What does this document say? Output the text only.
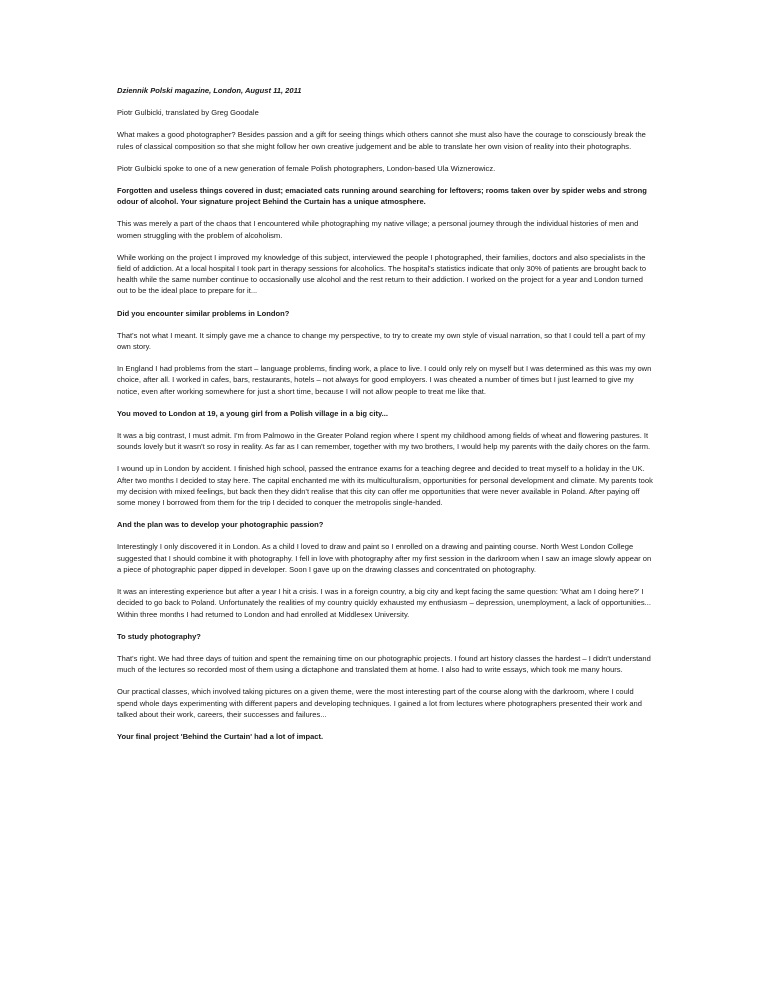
Dziennik Polski magazine, London, August 11, 2011

Piotr Gulbicki, translated by Greg Goodale

What makes a good photographer? Besides passion and a gift for seeing things which others cannot she must also have the courage to consciously break the rules of classical composition so that she might follow her own creative judgement and be able to translate her own vision of reality into their photographs.

Piotr Gulbicki spoke to one of a new generation of female Polish photographers, London-based Ula Wiznerowicz.

Forgotten and useless things covered in dust; emaciated cats running around searching for leftovers; rooms taken over by spider webs and strong odour of alcohol. Your signature project Behind the Curtain has a unique atmosphere.

This was merely a part of the chaos that I encountered while photographing my native village; a personal journey through the individual histories of men and women struggling with the problem of alcoholism.

While working on the project I improved my knowledge of this subject, interviewed the people I photographed, their families, doctors and also specialists in the field of addiction. At a local hospital I took part in therapy sessions for alcoholics. The hospital's statistics indicate that only 30% of patients are brought back to health while the same number continue to occasionally use alcohol and the rest return to their addiction. I worked on the project for a year and London turned out to be the ideal place to prepare for it...

Did you encounter similar problems in London?

That's not what I meant. It simply gave me a chance to change my perspective, to try to create my own style of visual narration, so that I could tell a part of my own story.

In England I had problems from the start – language problems, finding work, a place to live. I could only rely on myself but I was determined as this was my own choice, after all. I worked in cafes, bars, restaurants, hotels – not always for good employers. I was cheated a number of times but I just learned to give my notice, even after working somewhere for just a short time, because I will not allow people to treat me like that.

You moved to London at 19, a young girl from a Polish village in a big city...

It was a big contrast, I must admit. I'm from Palmowo in the Greater Poland region where I spent my childhood among fields of wheat and flowering pastures. It sounds lovely but it wasn't so rosy in reality. As far as I can remember, together with my two brothers, I would help my parents with the daily chores on the farm.

I wound up in London by accident. I finished high school, passed the entrance exams for a teaching degree and decided to treat myself to a holiday in the UK. After two months I decided to stay here. The capital enchanted me with its multiculturalism, opportunities for personal development and climate. My parents took my decision with mixed feelings, but back then they didn't realise that this city can offer me opportunities that were never available in Poland. After paying off some money I borrowed from them for the trip I decided to conquer the metropolis single-handed.

And the plan was to develop your photographic passion?

Interestingly I only discovered it in London. As a child I loved to draw and paint so I enrolled on a drawing and painting course. North West London College suggested that I should combine it with photography. I fell in love with photography after my first session in the darkroom when I saw an image slowly appear on a piece of photographic paper dipped in developer. Soon I gave up on the drawing classes and concentrated on photography.

It was an interesting experience but after a year I hit a crisis. I was in a foreign country, a big city and kept facing the same question: 'What am I doing here?' I decided to go back to Poland. Unfortunately the realities of my country quickly exhausted my enthusiasm – depression, unemployment, a lack of opportunities... Within three months I had returned to London and had enrolled at Middlesex University.

To study photography?

That's right. We had three days of tuition and spent the remaining time on our photographic projects. I found art history classes the hardest – I didn't understand much of the lectures so recorded most of them using a dictaphone and translated them at home. I also had to write essays, which took me many hours.

Our practical classes, which involved taking pictures on a given theme, were the most interesting part of the course along with the darkroom, where I could spend whole days experimenting with different papers and developing techniques. I gained a lot from lectures where photographers presented their work and talked about their work, careers, their successes and failures...

Your final project 'Behind the Curtain' had a lot of impact.
